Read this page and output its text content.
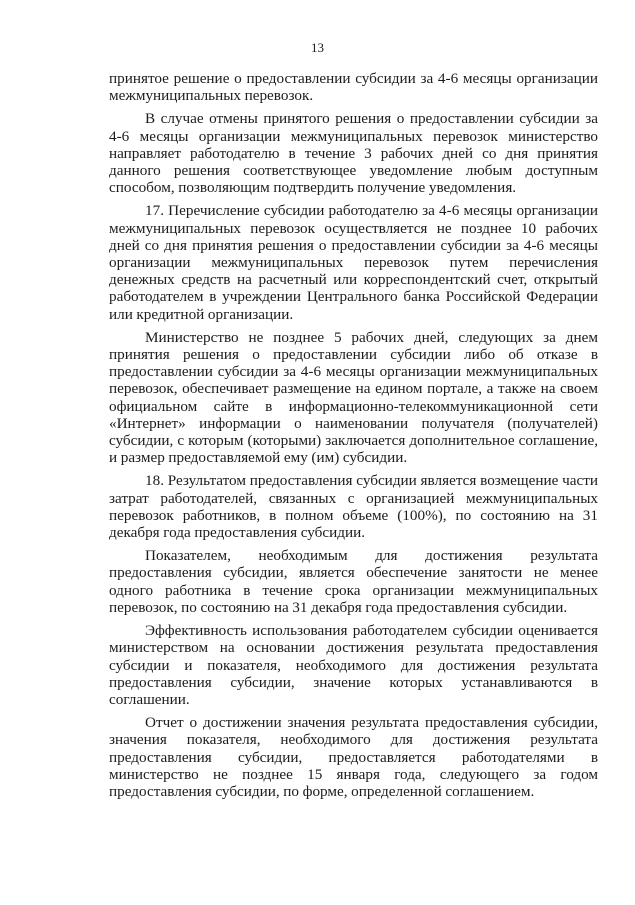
13

принятое решение о предоставлении субсидии за 4-6 месяцы организации межмуниципальных перевозок.

В случае отмены принятого решения о предоставлении субсидии за 4-6 месяцы организации межмуниципальных перевозок министерство направляет работодателю в течение 3 рабочих дней со дня принятия данного решения соответствующее уведомление любым доступным способом, позволяющим подтвердить получение уведомления.

17. Перечисление субсидии работодателю за 4-6 месяцы организации межмуниципальных перевозок осуществляется не позднее 10 рабочих дней со дня принятия решения о предоставлении субсидии за 4-6 месяцы организации межмуниципальных перевозок путем перечисления денежных средств на расчетный или корреспондентский счет, открытый работодателем в учреждении Центрального банка Российской Федерации или кредитной организации.

Министерство не позднее 5 рабочих дней, следующих за днем принятия решения о предоставлении субсидии либо об отказе в предоставлении субсидии за 4-6 месяцы организации межмуниципальных перевозок, обеспечивает размещение на едином портале, а также на своем официальном сайте в информационно-телекоммуникационной сети «Интернет» информации о наименовании получателя (получателей) субсидии, с которым (которыми) заключается дополнительное соглашение, и размер предоставляемой ему (им) субсидии.

18. Результатом предоставления субсидии является возмещение части затрат работодателей, связанных с организацией межмуниципальных перевозок работников, в полном объеме (100%), по состоянию на 31 декабря года предоставления субсидии.

Показателем, необходимым для достижения результата предоставления субсидии, является обеспечение занятости не менее одного работника в течение срока организации межмуниципальных перевозок, по состоянию на 31 декабря года предоставления субсидии.

Эффективность использования работодателем субсидии оценивается министерством на основании достижения результата предоставления субсидии и показателя, необходимого для достижения результата предоставления субсидии, значение которых устанавливаются в соглашении.

Отчет о достижении значения результата предоставления субсидии, значения показателя, необходимого для достижения результата предоставления субсидии, предоставляется работодателями в министерство не позднее 15 января года, следующего за годом предоставления субсидии, по форме, определенной соглашением.
